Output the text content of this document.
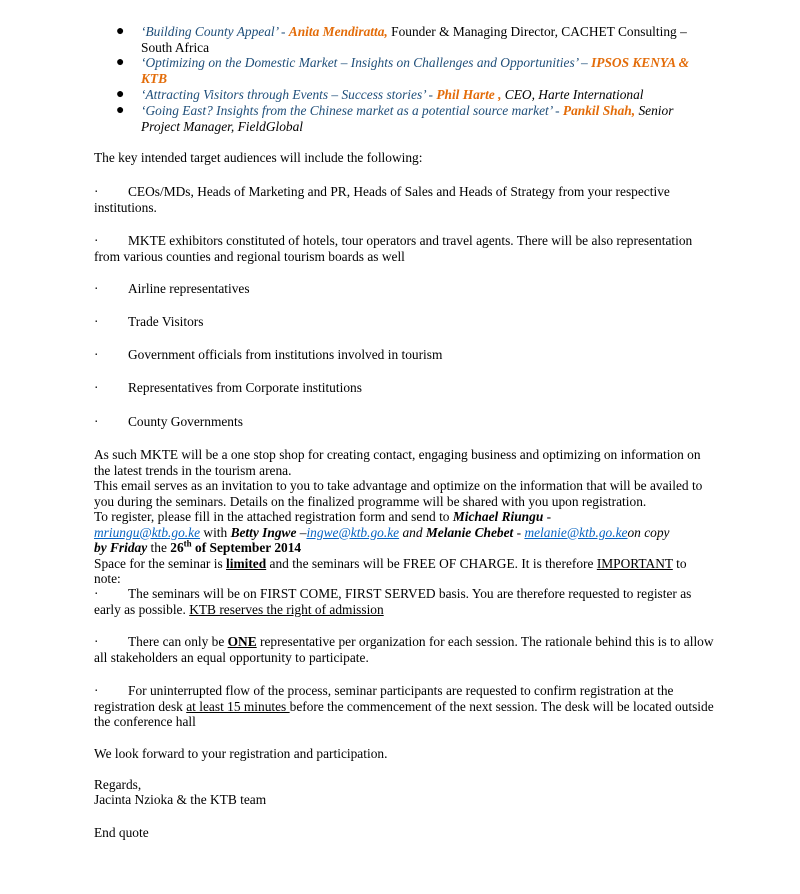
● ‘Building County Appeal’ - Anita Mendiratta, Founder & Managing Director, CACHET Consulting – South Africa
● ‘Optimizing on the Domestic Market – Insights on Challenges and Opportunities’ – IPSOS KENYA & KTB
● ‘Attracting Visitors through Events – Success stories’ - Phil Harte , CEO, Harte International
● ‘Going East? Insights from the Chinese market as a potential source market’ - Pankil Shah, Senior Project Manager, FieldGlobal

The key intended target audiences will include the following:

· CEOs/MDs, Heads of Marketing and PR, Heads of Sales and Heads of Strategy from your respective institutions.

· MKTE exhibitors constituted of hotels, tour operators and travel agents. There will be also representation from various counties and regional tourism boards as well

· Airline representatives

· Trade Visitors

· Government officials from institutions involved in tourism

· Representatives from Corporate institutions

· County Governments

As such MKTE will be a one stop shop for creating contact, engaging business and optimizing on information on the latest trends in the tourism arena.
This email serves as an invitation to you to take advantage and optimize on the information that will be availed to you during the seminars. Details on the finalized programme will be shared with you upon registration.
To register, please fill in the attached registration form and send to Michael Riungu -
mriungu@ktb.go.ke with Betty Ingwe –ingwe@ktb.go.ke and Melanie Chebet - melanie@ktb.go.keon copy
by Friday the 26th of September 2014
Space for the seminar is limited and the seminars will be FREE OF CHARGE. It is therefore IMPORTANT to note:

· The seminars will be on FIRST COME, FIRST SERVED basis. You are therefore requested to register as early as possible. KTB reserves the right of admission

· There can only be ONE representative per organization for each session. The rationale behind this is to allow all stakeholders an equal opportunity to participate.

· For uninterrupted flow of the process, seminar participants are requested to confirm registration at the registration desk at least 15 minutes before the commencement of the next session. The desk will be located outside the conference hall

We look forward to your registration and participation.

Regards,

Jacinta Nzioka & the KTB team

End quote
